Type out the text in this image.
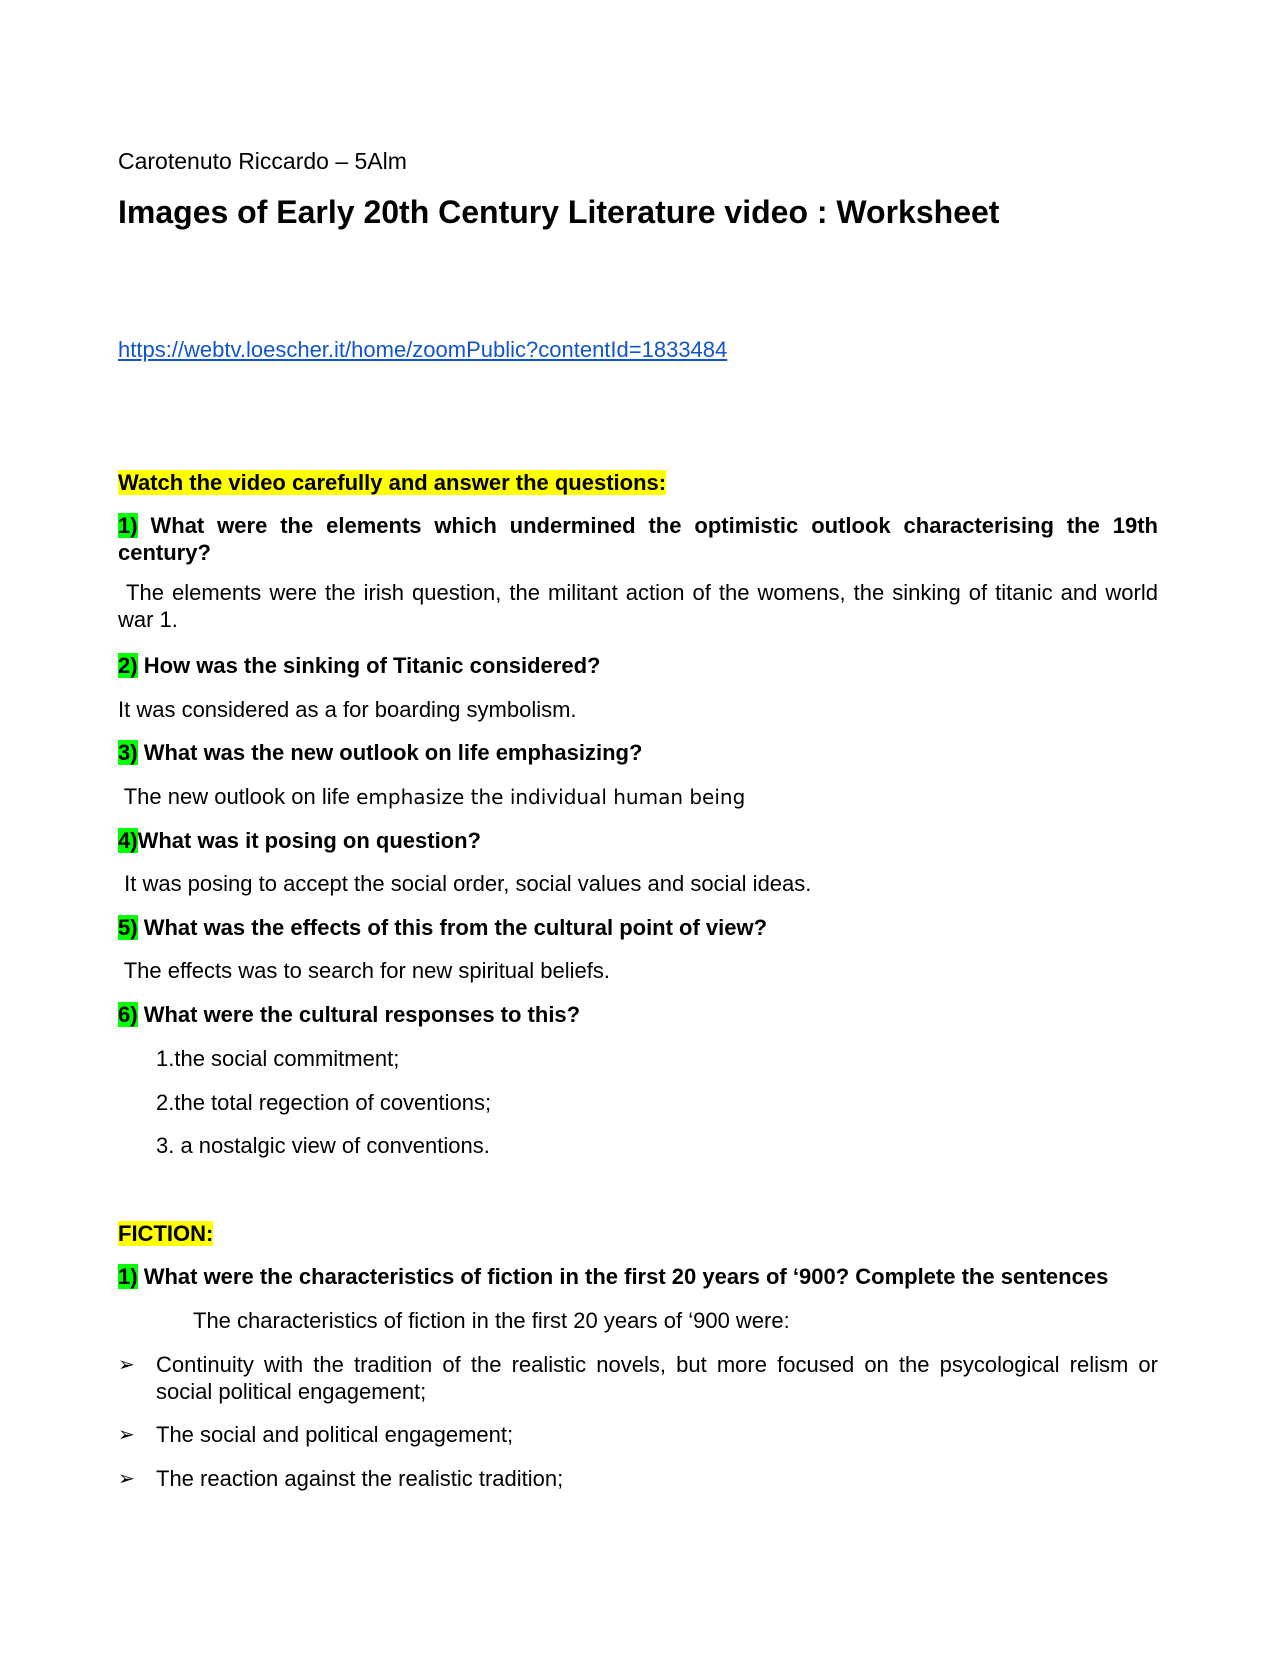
Carotenuto Riccardo – 5Alm
Images of Early 20th Century Literature video : Worksheet
https://webtv.loescher.it/home/zoomPublic?contentId=1833484
Watch the video carefully and answer the questions:
1) What were the elements which undermined the optimistic outlook characterising the 19th century?
The elements were the irish question, the militant action of the womens, the sinking of titanic and world war 1.
2) How was the sinking of Titanic considered?
It was considered as a for boarding symbolism.
3) What was the new outlook on life emphasizing?
The new outlook on life emphasize the individual human being
4)What was it posing on question?
It was posing to accept the social order, social values and social ideas.
5) What was the effects of this from the cultural point of view?
The effects was to search for new spiritual beliefs.
6) What were the cultural responses to this?
1.the social commitment;
2.the total regection of coventions;
3. a nostalgic view of conventions.
FICTION:
1) What were the characteristics of fiction in the first 20 years of ‘900? Complete the sentences
The characteristics of fiction in the first 20 years of ‘900 were:
➢ Continuity with the tradition of the realistic novels, but more focused on the psycological relism or social political engagement;
➢ The social and political engagement;
➢ The reaction against the realistic tradition;
